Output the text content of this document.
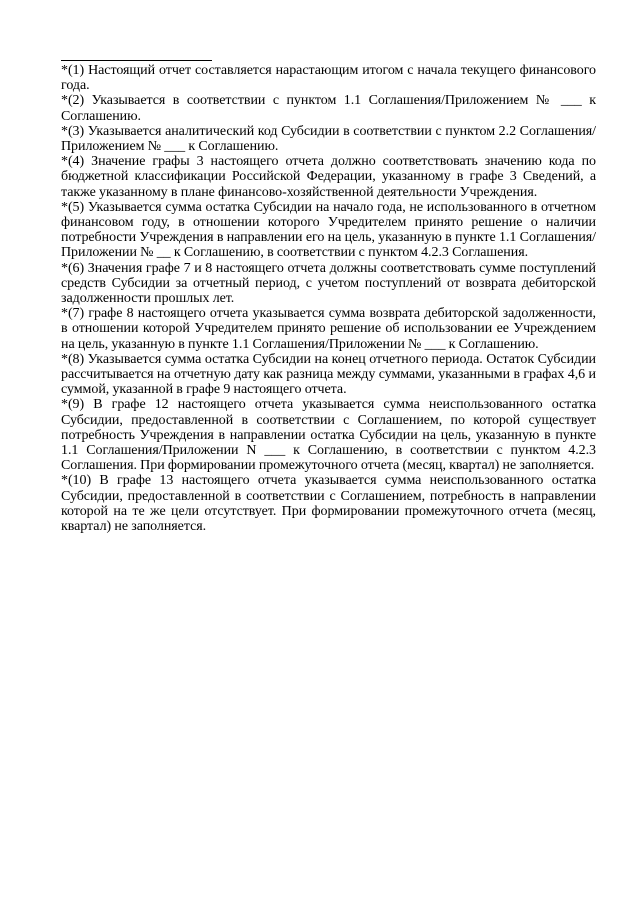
*(1) Настоящий отчет составляется нарастающим итогом с начала текущего финансового года.

*(2) Указывается в соответствии с пунктом 1.1 Соглашения/Приложением № ___ к Соглашению.

*(3) Указывается аналитический код Субсидии в соответствии с пунктом 2.2 Соглашения/Приложением № ___ к Соглашению.

*(4) Значение графы 3 настоящего отчета должно соответствовать значению кода по бюджетной классификации Российской Федерации, указанному в графе 3 Сведений, а также указанному в плане финансово-хозяйственной деятельности Учреждения.

*(5) Указывается сумма остатка Субсидии на начало года, не использованного в отчетном финансовом году, в отношении которого Учредителем принято решение о наличии потребности Учреждения в направлении его на цель, указанную в пункте 1.1 Соглашения/Приложении № __ к Соглашению, в соответствии с пунктом 4.2.3 Соглашения.

*(6) Значения графе 7 и 8 настоящего отчета должны соответствовать сумме поступлений средств Субсидии за отчетный период, с учетом поступлений от возврата дебиторской задолженности прошлых лет.

*(7) графе 8 настоящего отчета указывается сумма возврата дебиторской задолженности, в отношении которой Учредителем принято решение об использовании ее Учреждением на цель, указанную в пункте 1.1 Соглашения/Приложении № ___ к Соглашению.

*(8) Указывается сумма остатка Субсидии на конец отчетного периода. Остаток Субсидии рассчитывается на отчетную дату как разница между суммами, указанными в графах 4,6 и суммой, указанной в графе 9 настоящего отчета.

*(9) В графе 12 настоящего отчета указывается сумма неиспользованного остатка Субсидии, предоставленной в соответствии с Соглашением, по которой существует потребность Учреждения в направлении остатка Субсидии на цель, указанную в пункте 1.1 Соглашения/Приложении N ___ к Соглашению, в соответствии с пунктом 4.2.3 Соглашения. При формировании промежуточного отчета (месяц, квартал) не заполняется.

*(10) В графе 13 настоящего отчета указывается сумма неиспользованного остатка Субсидии, предоставленной в соответствии с Соглашением, потребность в направлении которой на те же цели отсутствует. При формировании промежуточного отчета (месяц, квартал) не заполняется.
